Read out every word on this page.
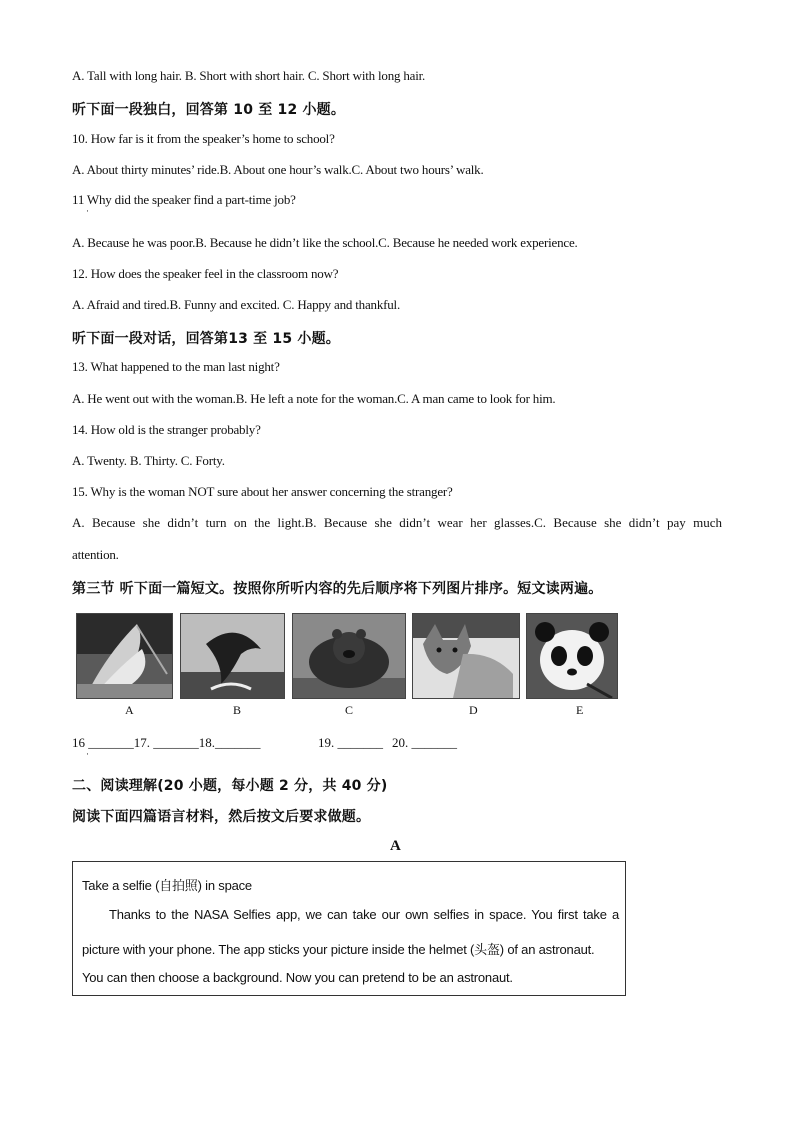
A. Tall with long hair. B. Short with short hair. C. Short with long hair.
听下面一段独白，回答第 10 至 12 小题。
10. How far is it from the speaker’s home to school?
A. About thirty minutes’ ride.B. About one hour’s walk.C. About two hours’ walk.
11 Why did the speaker find a part-time job?
·
A. Because he was poor.B. Because he didn’t like the school.C. Because he needed work experience.
12. How does the speaker feel in the classroom now?
A. Afraid and tired.B. Funny and excited. C. Happy and thankful.
听下面一段对话，回答第13 至 15 小题。
13. What happened to the man last night?
A. He went out with the woman.B. He left a note for the woman.C. A man came to look for him.
14. How old is the stranger probably?
A. Twenty. B. Thirty. C. Forty.
15. Why is the woman NOT sure about her answer concerning the stranger?
A. Because she didn’t turn on the light.B. Because she didn’t wear her glasses.C. Because she didn’t pay much
attention.
第三节 听下面一篇短文。按照你所听内容的先后顺序将下列图片排序。短文读两遍。
A	B	C	D	E
16 _______17. _______18._______	19. _______ 20. _______
·
二、阅读理解(20 小题，每小题 2 分，共 40 分)
阅读下面四篇语言材料，然后按文后要求做题。
A
Take a selfie (自拍照) in space
Thanks to the NASA Selfies app, we can take our own selfies in space. You first take a
picture with your phone. The app sticks your picture inside the helmet (头盔) of an astronaut.
You can then choose a background. Now you can pretend to be an astronaut.
